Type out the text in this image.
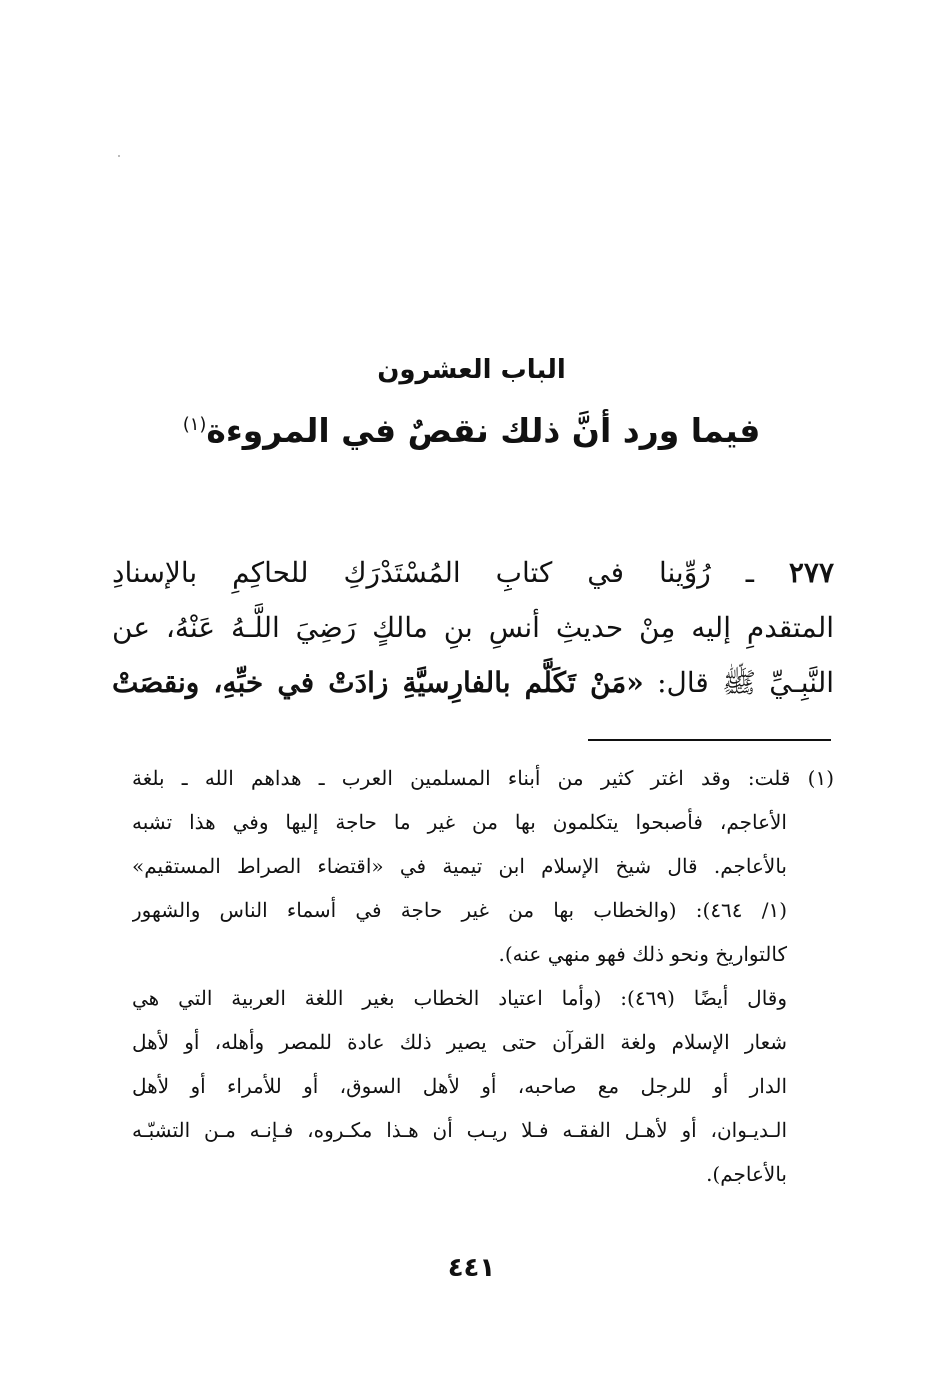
الباب العشرون
فيما ورد أنَّ ذلك نقصٌ في المروءة$^{(١)}$
٢٧٧ ـ رُوِّينا في كتابِ المُسْتَدْرَكِ للحاكِمِ بالإسنادِ
المتقدمِ إليه مِنْ حديثِ أنسِ بنِ مالكٍ رَضِيَ اللَّـهُ عَنْهُ، عن
النَّبِـيِّ ﷺ قال: «مَنْ تَكَلَّم بالفارِسيَّةِ زادَتْ في خبِّهِ، ونقصَتْ
(١) قلت: وقد اغتر كثير من أبناء المسلمين العرب ـ هداهم الله ـ بلغة
الأعاجم، فأصبحوا يتكلمون بها من غير ما حاجة إليها وفي هذا تشبه
بالأعاجم. قال شيخ الإسلام ابن تيمية في «اقتضاء الصراط المستقيم»
(١/ ٤٦٤): (والخطاب بها من غير حاجة في أسماء الناس والشهور
كالتواريخ ونحو ذلك فهو منهي عنه).
وقال أيضًا (٤٦٩): (وأما اعتياد الخطاب بغير اللغة العربية التي هي
شعار الإسلام ولغة القرآن حتى يصير ذلك عادة للمصر وأهله، أو لأهل
الدار أو للرجل مع صاحبه، أو لأهل السوق، أو للأمراء أو لأهل
الـديـوان، أو لأهـل الفقـه فـلا ريـب أن هـذا مكـروه، فـإنـه مـن التشبّـه
بالأعاجم).
٤٤١
